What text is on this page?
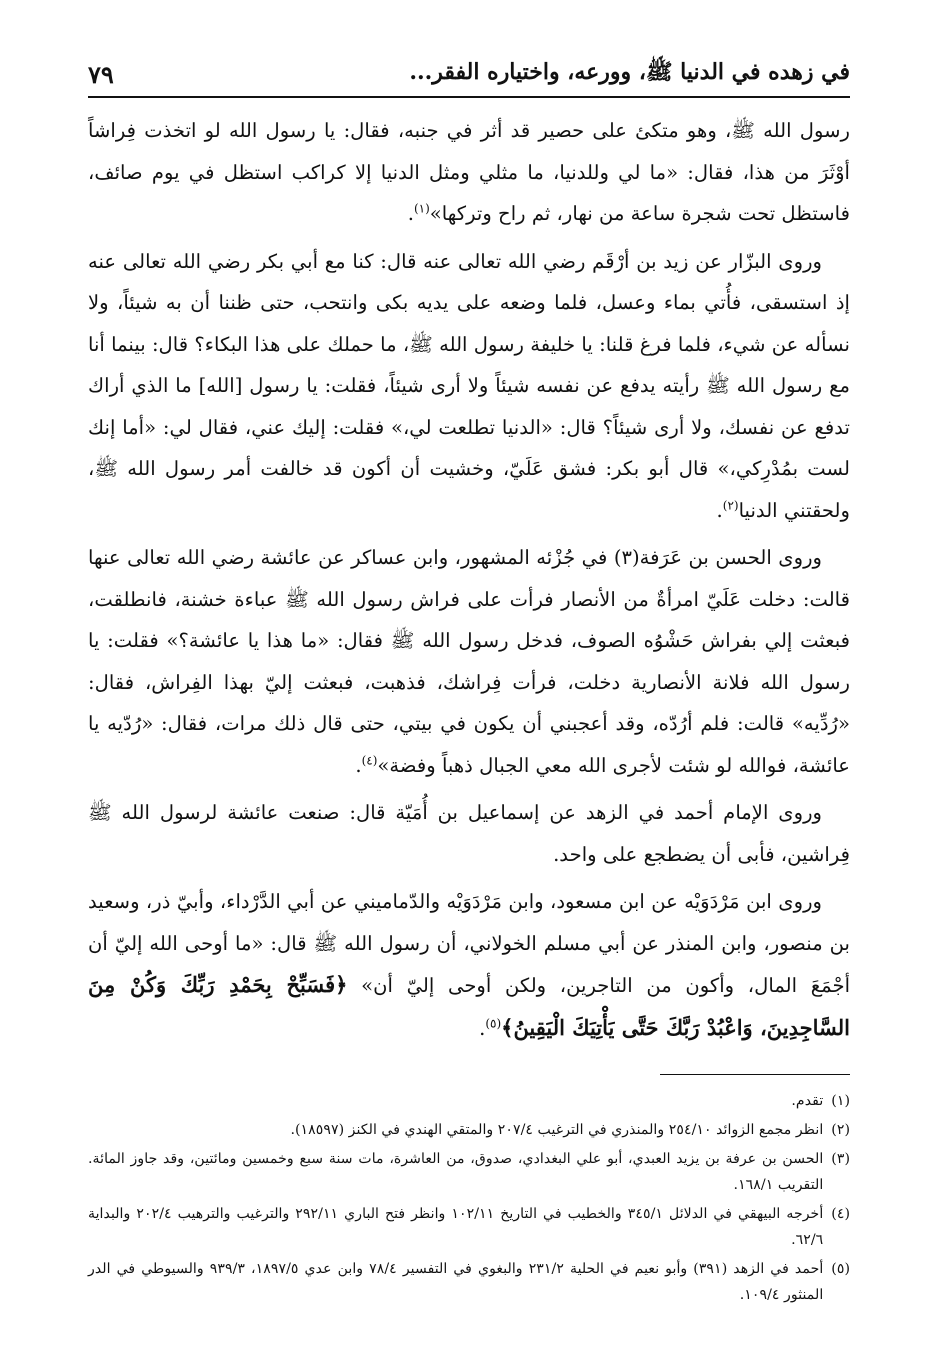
في زهده في الدنيا ﷺ، وورعه، واختياره الفقر...
٧٩

رسول الله ﷺ، وهو متكئ على حصير قد أثر في جنبه، فقال: يا رسول الله لو اتخذت فِراشاً أوْثَرَ من هذا، فقال: «ما لي وللدنيا، ما مثلي ومثل الدنيا إلا كراكب استظل في يوم صائف، فاستظل تحت شجرة ساعة من نهار، ثم راح وتركها»$^{(١)}$.

وروى البزّار عن زيد بن أرْقَم رضي الله تعالى عنه قال: كنا مع أبي بكر رضي الله تعالى عنه إذ استسقى، فأُتي بماء وعسل، فلما وضعه على يديه بكى وانتحب، حتى ظننا أن به شيئاً، ولا نسأله عن شيء، فلما فرغ قلنا: يا خليفة رسول الله ﷺ، ما حملك على هذا البكاء؟ قال: بينما أنا مع رسول الله ﷺ رأيته يدفع عن نفسه شيئاً ولا أرى شيئاً، فقلت: يا رسول [الله] ما الذي أراك تدفع عن نفسك، ولا أرى شيئاً؟ قال: «الدنيا تطلعت لي،» فقلت: إليك عني، فقال لي: «أما إنك لست بمُدْرِكي،» قال أبو بكر: فشق عَلَيّ، وخشيت أن أكون قد خالفت أمر رسول الله ﷺ، ولحقتني الدنيا$^{(٢)}$.

وروى الحسن بن عَرَفة(٣) في جُزْئه المشهور، وابن عساكر عن عائشة رضي الله تعالى عنها قالت: دخلت عَلَيّ امرأةٌ من الأنصار فرأت على فراش رسول الله ﷺ عباءة خشنة، فانطلقت، فبعثت إلي بفراش حَشْوُه الصوف، فدخل رسول الله ﷺ فقال: «ما هذا يا عائشة؟» فقلت: يا رسول الله فلانة الأنصارية دخلت، فرأت فِراشك، فذهبت، فبعثت إليّ بهذا الفِراش، فقال: «رُدِّيه» قالت: فلم أرُدّه، وقد أعجبني أن يكون في بيتي، حتى قال ذلك مرات، فقال: «رُدّيه يا عائشة، فوالله لو شئت لأجرى الله معي الجبال ذهباً وفضة»$^{(٤)}$.

وروى الإمام أحمد في الزهد عن إسماعيل بن أُمَيّة قال: صنعت عائشة لرسول الله ﷺ فِراشين، فأبى أن يضطجع على واحد.

وروى ابن مَرْدَوَيْه عن ابن مسعود، وابن مَرْدَوَيْه والدّماميني عن أبي الدَّرْداء، وأبيّ ذر، وسعيد بن منصور، وابن المنذر عن أبي مسلم الخولاني، أن رسول الله ﷺ قال: «ما أوحى الله إليّ أن أجْمَعَ المال، وأكون من التاجرين، ولكن أوحى إليّ أن» ﴿فَسَبِّحْ بِحَمْدِ رَبِّكَ وَكُنْ مِنَ السَّاجِدِينَ، وَاعْبُدْ رَبَّكَ حَتَّى يَأْتِيَكَ الْيَقِينُ﴾$^{(٥)}$.

(١)
تقدم.
(٢)
انظر مجمع الزوائد ٢٥٤/١٠ والمنذري في الترغيب ٢٠٧/٤ والمتقي الهندي في الكنز (١٨٥٩٧).
(٣)
الحسن بن عرفة بن يزيد العبدي، أبو علي البغدادي، صدوق، من العاشرة، مات سنة سبع وخمسين ومائتين، وقد جاوز المائة. التقريب ١٦٨/١.
(٤)
أخرجه البيهقي في الدلائل ٣٤٥/١ والخطيب في التاريخ ١٠٢/١١ وانظر فتح الباري ٢٩٢/١١ والترغيب والترهيب ٢٠٢/٤ والبداية ٦٢/٦.
(٥)
أحمد في الزهد (٣٩١) وأبو نعيم في الحلية ٢٣١/٢ والبغوي في التفسير ٧٨/٤ وابن عدي ١٨٩٧/٥، ٩٣٩/٣ والسيوطي في الدر المنثور ١٠٩/٤.
